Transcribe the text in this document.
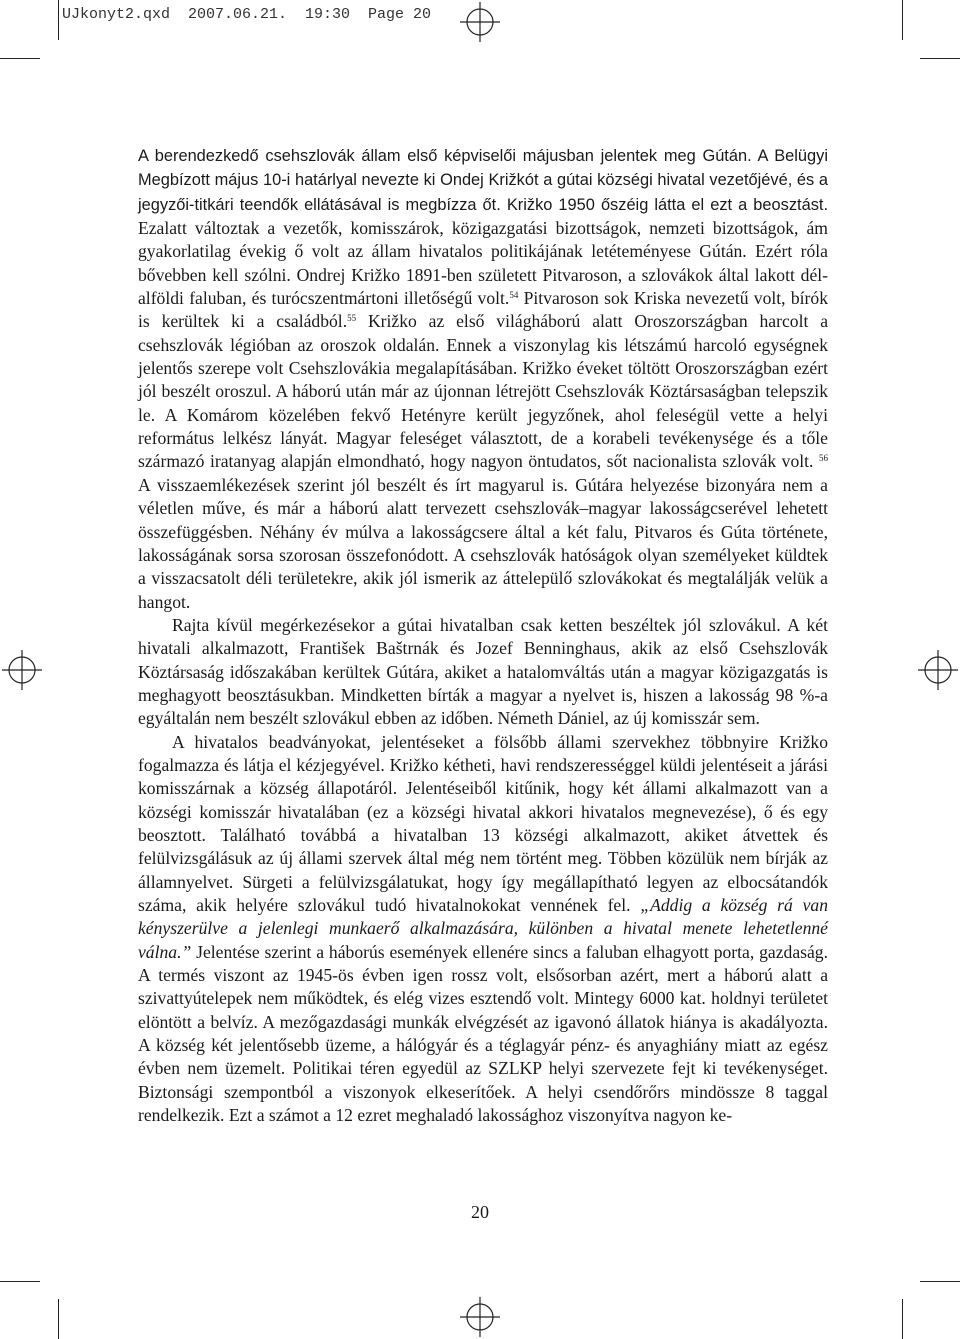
UJkonyt2.qxd  2007.06.21.  19:30  Page 20

A berendezkedő csehszlovák állam első képviselői májusban jelentek meg Gútán. A Belügyi Megbízott május 10-i határlyal nevezte ki Ondej Križkót a gútai községi hivatal vezetőjévé, és a jegyzői-titkári teendők ellátásával is megbízza őt. Križko 1950 őszéig látta el ezt a beosztást. Ezalatt változtak a vezetők, komisszárok, közigazgatási bizottságok, nemzeti bizottságok, ám gyakorlatilag évekig ő volt az állam hivatalos politikájának letéteményese Gútán. Ezért róla bővebben kell szólni. Ondrej Križko 1891-ben született Pitvaroson, a szlovákok által lakott dél-alföldi faluban, és turócszentmártoni illetőségű volt.$^{54}$ Pitvaroson sok Kriska nevezetű volt, bírók is kerültek ki a családból.$^{55}$ Križko az első világháború alatt Oroszországban harcolt a csehszlovák légióban az oroszok oldalán. Ennek a viszonylag kis létszámú harcoló egységnek jelentős szerepe volt Csehszlovákia megalapításában. Križko éveket töltött Oroszországban ezért jól beszélt oroszul. A háború után már az újonnan létrejött Csehszlovák Köztársaságban telepszik le. A Komárom közelében fekvő Hetényre került jegyzőnek, ahol feleségül vette a helyi református lelkész lányát. Magyar feleséget választott, de a korabeli tevékenysége és a tőle származó iratanyag alapján elmondható, hogy nagyon öntudatos, sőt nacionalista szlovák volt. $^{56}$ A visszaemlékezések szerint jól beszélt és írt magyarul is. Gútára helyezése bizonyára nem a véletlen műve, és már a háború alatt tervezett csehszlovák–magyar lakosságcserével lehetett összefüggésben. Néhány év múlva a lakosságcsere által a két falu, Pitvaros és Gúta története, lakosságának sorsa szorosan összefonódott. A csehszlovák hatóságok olyan személyeket küldtek a visszacsatolt déli területekre, akik jól ismerik az áttelepülő szlovákokat és megtalálják velük a hangot.

Rajta kívül megérkezésekor a gútai hivatalban csak ketten beszéltek jól szlovákul. A két hivatali alkalmazott, František Baštrnák és Jozef Benninghaus, akik az első Csehszlovák Köztársaság időszakában kerültek Gútára, akiket a hatalomváltás után a magyar közigazgatás is meghagyott beosztásukban. Mindketten bírták a magyar a nyelvet is, hiszen a lakosság 98 %-a egyáltalán nem beszélt szlovákul ebben az időben. Németh Dániel, az új komisszár sem.

A hivatalos beadványokat, jelentéseket a fölsőbb állami szervekhez többnyire Križko fogalmazza és látja el kézjegyével. Križko kétheti, havi rendszerességgel küldi jelentéseit a járási komisszárnak a község állapotáról. Jelentéseiből kitűnik, hogy két állami alkalmazott van a községi komisszár hivatalában (ez a községi hivatal akkori hivatalos megnevezése), ő és egy beosztott. Található továbbá a hivatalban 13 községi alkalmazott, akiket átvettek és felülvizsgálásuk az új állami szervek által még nem történt meg. Többen közülük nem bírják az államnyelvet. Sürgeti a felülvizsgálatukat, hogy így megállapítható legyen az elbocsátandók száma, akik helyére szlovákul tudó hivatalnokokat vennének fel. „Addig a község rá van kényszerülve a jelenlegi munkaerő alkalmazására, különben a hivatal menete lehetetlenné válna.” Jelentése szerint a háborús események ellenére sincs a faluban elhagyott porta, gazdaság. A termés viszont az 1945-ös évben igen rossz volt, elsősorban azért, mert a háború alatt a szivattyútelepek nem működtek, és elég vizes esztendő volt. Mintegy 6000 kat. holdnyi területet elöntött a belvíz. A mezőgazdasági munkák elvégzését az igavonó állatok hiánya is akadályozta. A község két jelentősebb üzeme, a hálógyár és a téglagyár pénz- és anyaghiány miatt az egész évben nem üzemelt. Politikai téren egyedül az SZLKP helyi szervezete fejt ki tevékenységet. Biztonsági szempontból a viszonyok elkeserítőek. A helyi csendőrőrs mindössze 8 taggal rendelkezik. Ezt a számot a 12 ezret meghaladó lakossághoz viszonyítva nagyon ke-

20
